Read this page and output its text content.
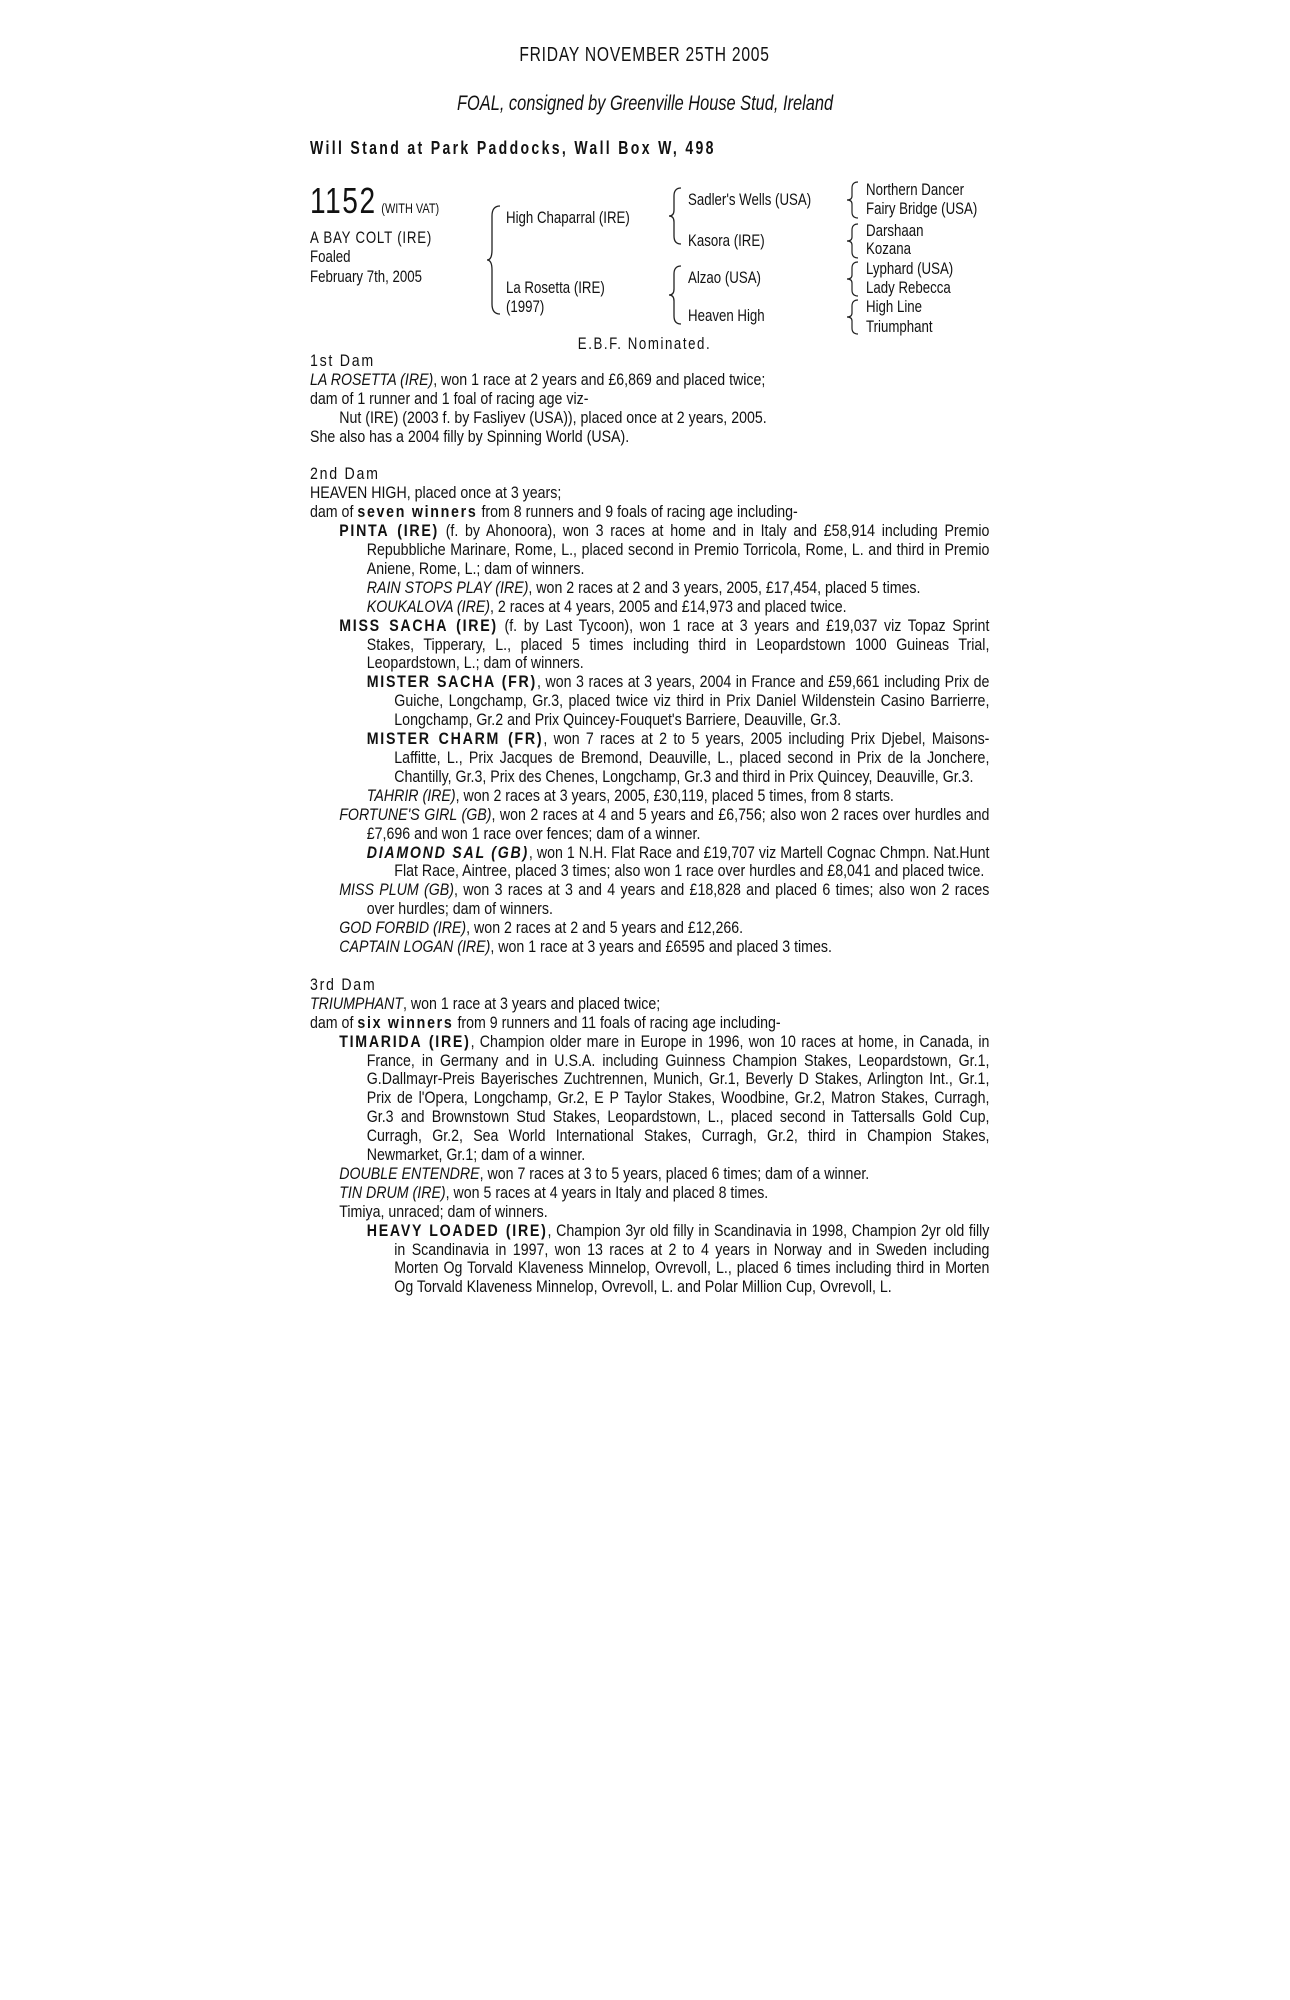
FRIDAY NOVEMBER 25TH 2005
FOAL, consigned by Greenville House Stud, Ireland
Will Stand at Park Paddocks, Wall Box W, 498
1152 (WITH VAT)
A BAY COLT (IRE)
Foaled
February 7th, 2005
High Chaparral (IRE)
La Rosetta (IRE)
(1997)
Sadler's Wells (USA)
Kasora (IRE)
Alzao (USA)
Heaven High
Northern Dancer
Fairy Bridge (USA)
Darshaan
Kozana
Lyphard (USA)
Lady Rebecca
High Line
Triumphant
E.B.F. Nominated.

1st Dam

LA ROSETTA (IRE), won 1 race at 2 years and £6,869 and placed twice;

dam of 1 runner and 1 foal of racing age viz-

Nut (IRE) (2003 f. by Fasliyev (USA)), placed once at 2 years, 2005.

She also has a 2004 filly by Spinning World (USA).

2nd Dam

HEAVEN HIGH, placed once at 3 years;

dam of seven winners from 8 runners and 9 foals of racing age including-

PINTA (IRE) (f. by Ahonoora), won 3 races at home and in Italy and £58,914 including Premio Repubbliche Marinare, Rome, L., placed second in Premio Torricola, Rome, L. and third in Premio Aniene, Rome, L.; dam of winners.

RAIN STOPS PLAY (IRE), won 2 races at 2 and 3 years, 2005, £17,454, placed 5 times.

KOUKALOVA (IRE), 2 races at 4 years, 2005 and £14,973 and placed twice.

MISS SACHA (IRE) (f. by Last Tycoon), won 1 race at 3 years and £19,037 viz Topaz Sprint Stakes, Tipperary, L., placed 5 times including third in Leopardstown 1000 Guineas Trial, Leopardstown, L.; dam of winners.

MISTER SACHA (FR), won 3 races at 3 years, 2004 in France and £59,661 including Prix de Guiche, Longchamp, Gr.3, placed twice viz third in Prix Daniel Wildenstein Casino Barrierre, Longchamp, Gr.2 and Prix Quincey-Fouquet's Barriere, Deauville, Gr.3.

MISTER CHARM (FR), won 7 races at 2 to 5 years, 2005 including Prix Djebel, Maisons-Laffitte, L., Prix Jacques de Bremond, Deauville, L., placed second in Prix de la Jonchere, Chantilly, Gr.3, Prix des Chenes, Longchamp, Gr.3 and third in Prix Quincey, Deauville, Gr.3.

TAHRIR (IRE), won 2 races at 3 years, 2005, £30,119, placed 5 times, from 8 starts.

FORTUNE'S GIRL (GB), won 2 races at 4 and 5 years and £6,756; also won 2 races over hurdles and £7,696 and won 1 race over fences; dam of a winner.

DIAMOND SAL (GB), won 1 N.H. Flat Race and £19,707 viz Martell Cognac Chmpn. Nat.Hunt Flat Race, Aintree, placed 3 times; also won 1 race over hurdles and £8,041 and placed twice.

MISS PLUM (GB), won 3 races at 3 and 4 years and £18,828 and placed 6 times; also won 2 races over hurdles; dam of winners.

GOD FORBID (IRE), won 2 races at 2 and 5 years and £12,266.

CAPTAIN LOGAN (IRE), won 1 race at 3 years and £6595 and placed 3 times.

3rd Dam

TRIUMPHANT, won 1 race at 3 years and placed twice;

dam of six winners from 9 runners and 11 foals of racing age including-

TIMARIDA (IRE), Champion older mare in Europe in 1996, won 10 races at home, in Canada, in France, in Germany and in U.S.A. including Guinness Champion Stakes, Leopardstown, Gr.1, G.Dallmayr-Preis Bayerisches Zuchtrennen, Munich, Gr.1, Beverly D Stakes, Arlington Int., Gr.1, Prix de l'Opera, Longchamp, Gr.2, E P Taylor Stakes, Woodbine, Gr.2, Matron Stakes, Curragh, Gr.3 and Brownstown Stud Stakes, Leopardstown, L., placed second in Tattersalls Gold Cup, Curragh, Gr.2, Sea World International Stakes, Curragh, Gr.2, third in Champion Stakes, Newmarket, Gr.1; dam of a winner.

DOUBLE ENTENDRE, won 7 races at 3 to 5 years, placed 6 times; dam of a winner.

TIN DRUM (IRE), won 5 races at 4 years in Italy and placed 8 times.

Timiya, unraced; dam of winners.

HEAVY LOADED (IRE), Champion 3yr old filly in Scandinavia in 1998, Champion 2yr old filly in Scandinavia in 1997, won 13 races at 2 to 4 years in Norway and in Sweden including Morten Og Torvald Klaveness Minnelop, Ovrevoll, L., placed 6 times including third in Morten Og Torvald Klaveness Minnelop, Ovrevoll, L. and Polar Million Cup, Ovrevoll, L.
